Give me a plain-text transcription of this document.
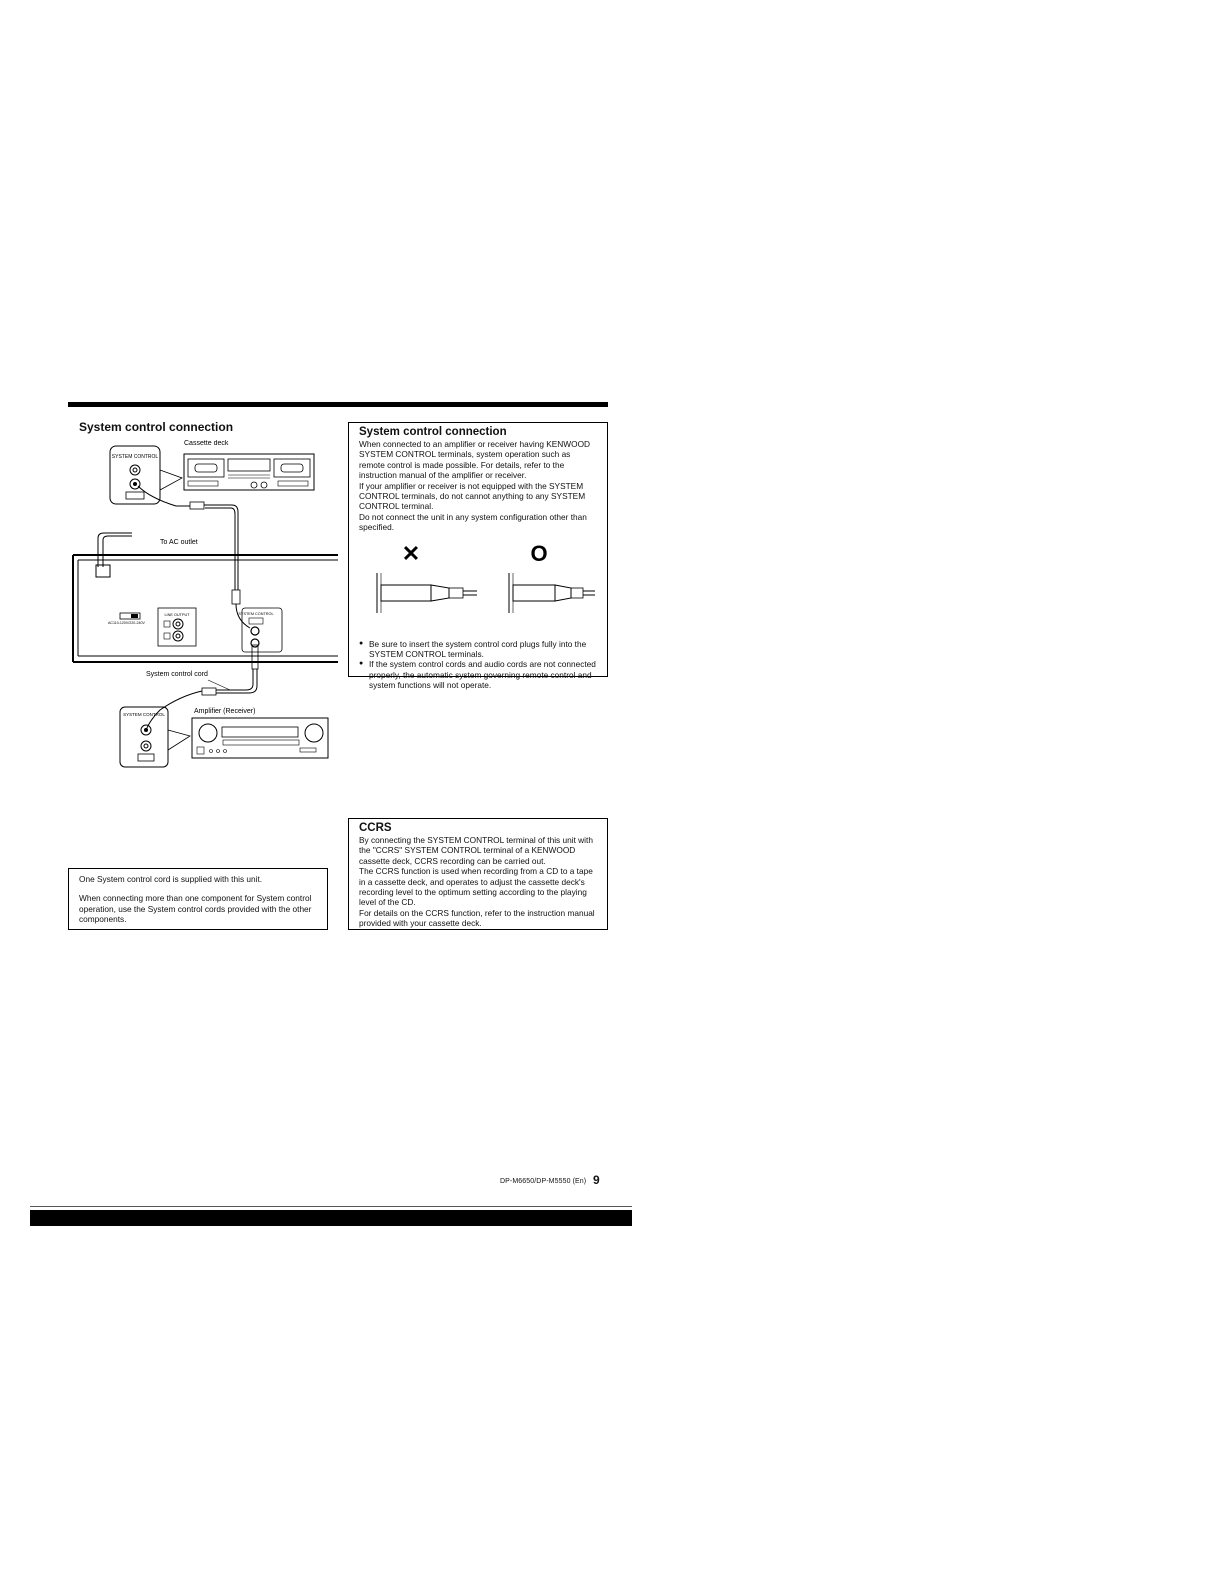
System control connection
SYSTEM CONTROL
Cassette deck
To AC outlet
AC110-120V/220-240V
LINE OUTPUT	SYSTEM CONTROL
System control cord
SYSTEM CONTROL	Amplifier (Receiver)

System control connection

When connected to an amplifier or receiver having KENWOOD SYSTEM CONTROL terminals, system operation such as remote control is made possible. For details, refer to the instruction manual of the amplifier or receiver.

If your amplifier or receiver is not equipped with the SYSTEM CONTROL terminals, do not cannot anything to any SYSTEM CONTROL terminal.

Do not connect the unit in any system configuration other than specified.

✕	O
● Be sure to insert the system control cord plugs fully into the SYSTEM CONTROL terminals.
● If the system control cords and audio cords are not connected properly, the automatic system governing remote control and system functions will not operate.

CCRS

By connecting the SYSTEM CONTROL terminal of this unit with the "CCRS" SYSTEM CONTROL terminal of a KENWOOD cassette deck, CCRS recording can be carried out.

The CCRS function is used when recording from a CD to a tape in a cassette deck, and operates to adjust the cassette deck's recording level to the optimum setting according to the playing level of the CD.

For details on the CCRS function, refer to the instruction manual provided with your cassette deck.

One System control cord is supplied with this unit.

When connecting more than one component for System control operation, use the System control cords provided with the other components.

DP-M6650/DP-M5550 (En) 9
